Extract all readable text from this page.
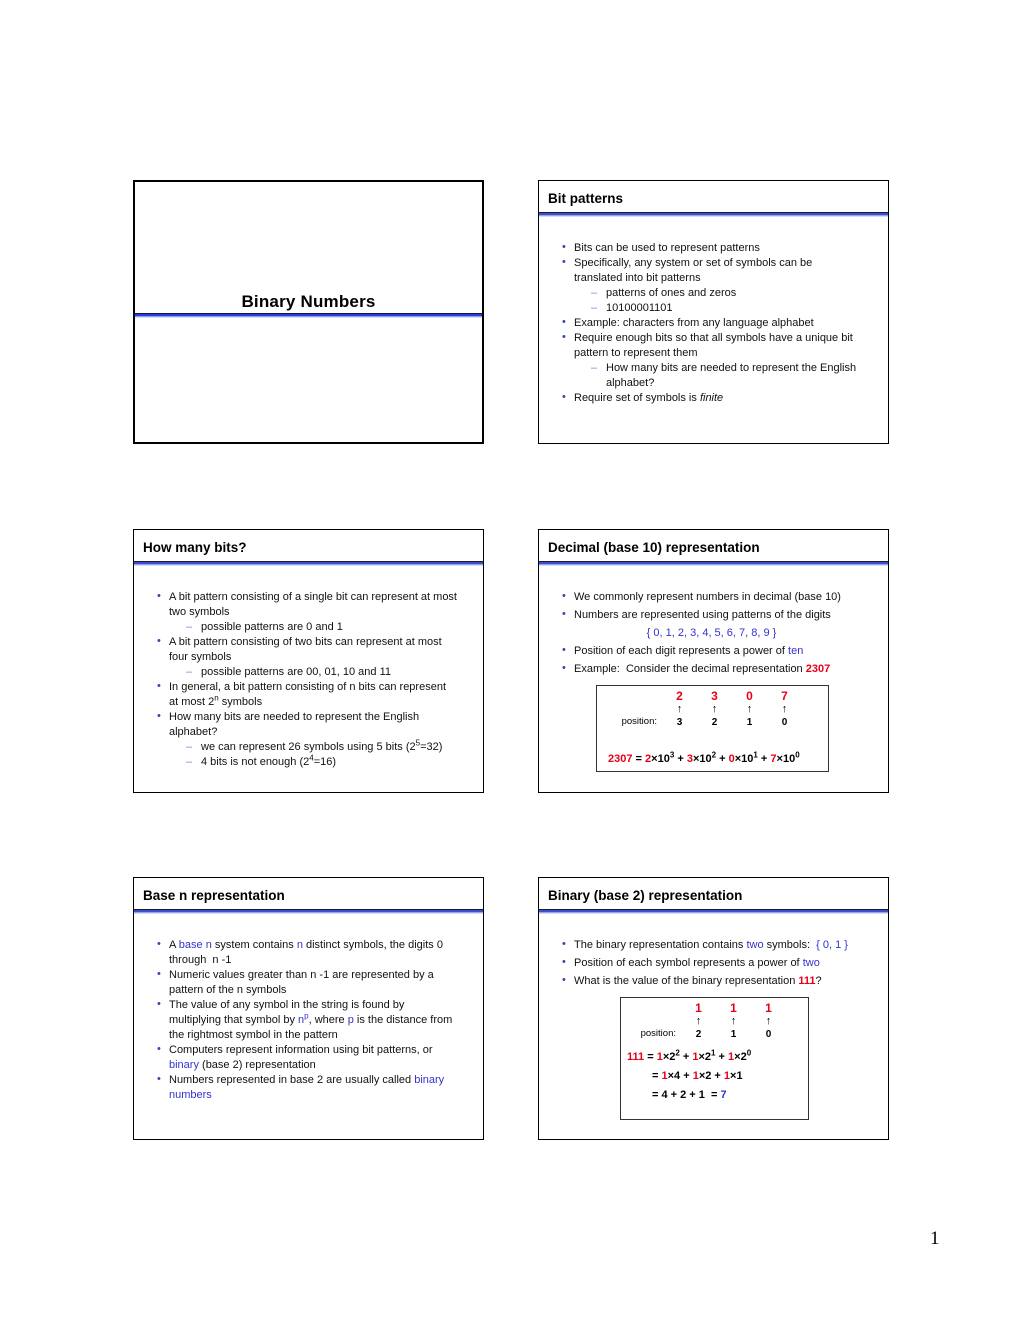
Binary Numbers
Bit patterns
• Bits can be used to represent patterns
• Specifically, any system or set of symbols can be translated into bit patterns
– patterns of ones and zeros
– 10100001101
• Example: characters from any language alphabet
• Require enough bits so that all symbols have a unique bit pattern to represent them
– How many bits are needed to represent the English alphabet?
• Require set of symbols is finite
How many bits?
• A bit pattern consisting of a single bit can represent at most two symbols
– possible patterns are 0 and 1
• A bit pattern consisting of two bits can represent at most four symbols
– possible patterns are 00, 01, 10 and 11
• In general, a bit pattern consisting of n bits can represent at most 2$^n$ symbols
• How many bits are needed to represent the English alphabet?
– we can represent 26 symbols using 5 bits $(2^5=32)$
– 4 bits is not enough $(2^4=16)$
Decimal (base 10) representation
• We commonly represent numbers in decimal (base 10)
• Numbers are represented using patterns of the digits
{ 0, 1, 2, 3, 4, 5, 6, 7, 8, 9 }
• Position of each digit represents a power of ten
• Example:  Consider the decimal representation 2307
2	3	0	7
↑	↑	↑	↑
position:	3	2	1	0
$2307 = 2\times 10^3 + 3\times 10^2 + 0\times 10^1 + 7\times 10^0$
Base n representation
• A base n system contains n distinct symbols, the digits 0 through  n -1
• Numeric values greater than n -1 are represented by a pattern of the n symbols
• The value of any symbol in the string is found by multiplying that symbol by $n^p$, where p is the distance from the rightmost symbol in the pattern
• Computers represent information using bit patterns, or binary (base 2) representation
• Numbers represented in base 2 are usually called binary numbers
Binary (base 2) representation
• The binary representation contains two symbols:  { 0, 1 }
• Position of each symbol represents a power of two
• What is the value of the binary representation 111?
1	1	1
↑	↑	↑
position:	2	1	0
$111 = 1\times 2^2 + 1\times 2^1 + 1\times 2^0$
= 1×4 + 1×2 + 1×1
= 4 + 2 + 1  = 7
1
